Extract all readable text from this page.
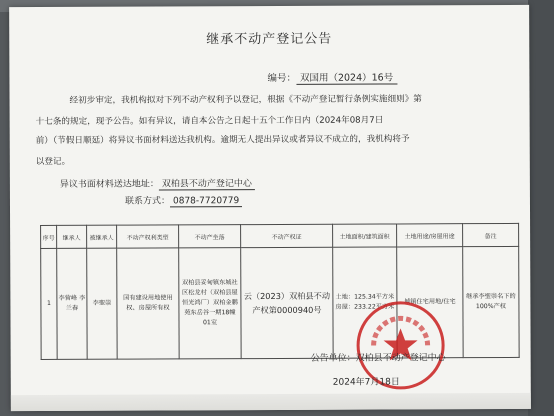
继承不动产登记公告
编号： 双国用（2024）16号
经初步审定，我机构拟对下列不动产权利予以登记，根据《不动产登记暂行条例实施细则》第
十七条的规定，现予公告。如有异议，请自本公告之日起十五个工作日内（2024年08月7日
前）（节假日顺延）将异议书面材料送达我机构。逾期无人提出异议或者异议不成立的，我机构将予
以登记。
异议书面材料送达地址： 双柏县不动产登记中心
联系方式： 0878-7720779
序号	继承人	被继承人	不动产权利类型	不动产坐落	不动产权证	土地面积/建筑面积	土地用途/房屋用途	备注
1	李营峰 李兰春	李聖崇	国有建设用地使用权、房屋所有权	双柏县妥甸镇东城社区松龙村（双柏县屋恒光鸿厂）双柏金鹏苑东岳谷一期18幢01室	云（2023）双柏县不动产权第0000940号	土地：125.34平方米 房屋：233.22平方米	城镇住宅用地/住宅	继承李聖崇名下的100%产权
公告单位：双柏县不动产登记中心
2024年7月18日
